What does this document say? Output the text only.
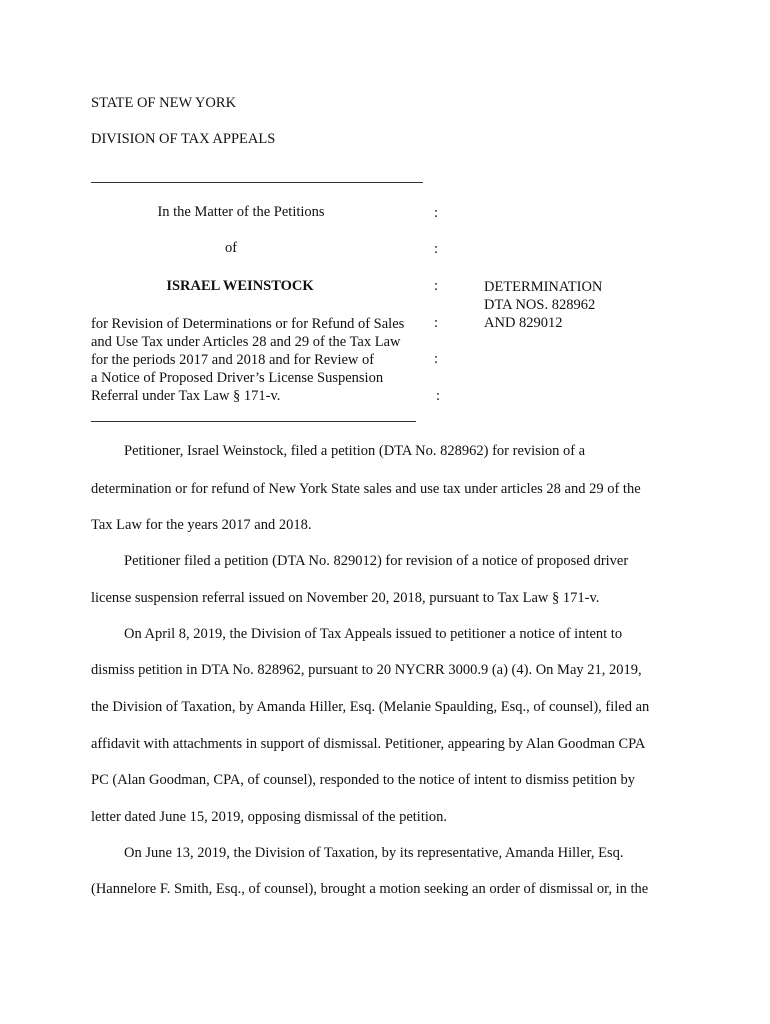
STATE OF NEW YORK
DIVISION OF TAX APPEALS
In the Matter of the Petitions
of
ISRAEL WEINSTOCK
for Revision of Determinations or for Refund of Sales
and Use Tax under Articles 28 and 29 of the Tax Law
for the periods 2017 and 2018 and for Review of
a Notice of Proposed Driver’s License Suspension
Referral under Tax Law § 171-v.
:
:
:
:
:
:
DETERMINATION
DTA NOS. 828962
AND 829012
Petitioner, Israel Weinstock, filed a petition (DTA No. 828962) for revision of a
determination or for refund of New York State sales and use tax under articles 28 and 29 of the
Tax Law for the years 2017 and 2018.
Petitioner filed a petition (DTA No. 829012) for revision of a notice of proposed driver
license suspension referral issued on November 20, 2018, pursuant to Tax Law § 171-v.
On April 8, 2019, the Division of Tax Appeals issued to petitioner a notice of intent to
dismiss petition in DTA No. 828962, pursuant to 20 NYCRR 3000.9 (a) (4). On May 21, 2019,
the Division of Taxation, by Amanda Hiller, Esq. (Melanie Spaulding, Esq., of counsel), filed an
affidavit with attachments in support of dismissal. Petitioner, appearing by Alan Goodman CPA
PC (Alan Goodman, CPA, of counsel), responded to the notice of intent to dismiss petition by
letter dated June 15, 2019, opposing dismissal of the petition.
On June 13, 2019, the Division of Taxation, by its representative, Amanda Hiller, Esq.
(Hannelore F. Smith, Esq., of counsel), brought a motion seeking an order of dismissal or, in the
